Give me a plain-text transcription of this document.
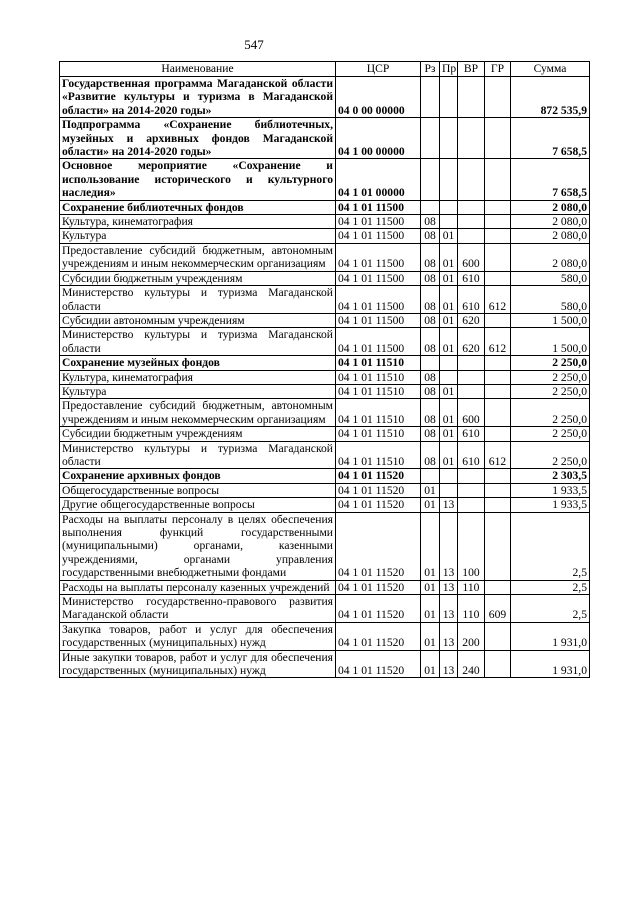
547
Наименование	ЦСР	Рз	Пр	ВР	ГР	Сумма
Государственная программа Магаданской области «Развитие культуры и туризма в Магаданской области» на 2014-2020 годы»	04 0 00 00000					872 535,9
Подпрограмма «Сохранение библиотечных, музейных и архивных фондов Магаданской области» на 2014-2020 годы»	04 1 00 00000					7 658,5
Основное мероприятие «Сохранение и использование исторического и культурного наследия»	04 1 01 00000					7 658,5
Сохранение библиотечных фондов	04 1 01 11500					2 080,0
Культура, кинематография	04 1 01 11500	08				2 080,0
Культура	04 1 01 11500	08	01			2 080,0
Предоставление субсидий бюджетным, автономным учреждениям и иным некоммерческим организациям	04 1 01 11500	08	01	600		2 080,0
Субсидии бюджетным учреждениям	04 1 01 11500	08	01	610		580,0
Министерство культуры и туризма Магаданской области	04 1 01 11500	08	01	610	612	580,0
Субсидии автономным учреждениям	04 1 01 11500	08	01	620		1 500,0
Министерство культуры и туризма Магаданской области	04 1 01 11500	08	01	620	612	1 500,0
Сохранение музейных фондов	04 1 01 11510					2 250,0
Культура, кинематография	04 1 01 11510	08				2 250,0
Культура	04 1 01 11510	08	01			2 250,0
Предоставление субсидий бюджетным, автономным учреждениям и иным некоммерческим организациям	04 1 01 11510	08	01	600		2 250,0
Субсидии бюджетным учреждениям	04 1 01 11510	08	01	610		2 250,0
Министерство культуры и туризма Магаданской области	04 1 01 11510	08	01	610	612	2 250,0
Сохранение архивных фондов	04 1 01 11520					2 303,5
Общегосударственные вопросы	04 1 01 11520	01				1 933,5
Другие общегосударственные вопросы	04 1 01 11520	01	13			1 933,5
Расходы на выплаты персоналу в целях обеспечения выполнения функций государственными (муниципальными) органами, казенными учреждениями, органами управления государственными внебюджетными фондами	04 1 01 11520	01	13	100		2,5
Расходы на выплаты персоналу казенных учреждений	04 1 01 11520	01	13	110		2,5
Министерство государственно-правового развития Магаданской области	04 1 01 11520	01	13	110	609	2,5
Закупка товаров, работ и услуг для обеспечения государственных (муниципальных) нужд	04 1 01 11520	01	13	200		1 931,0
Иные закупки товаров, работ и услуг для обеспечения государственных (муниципальных) нужд	04 1 01 11520	01	13	240		1 931,0
